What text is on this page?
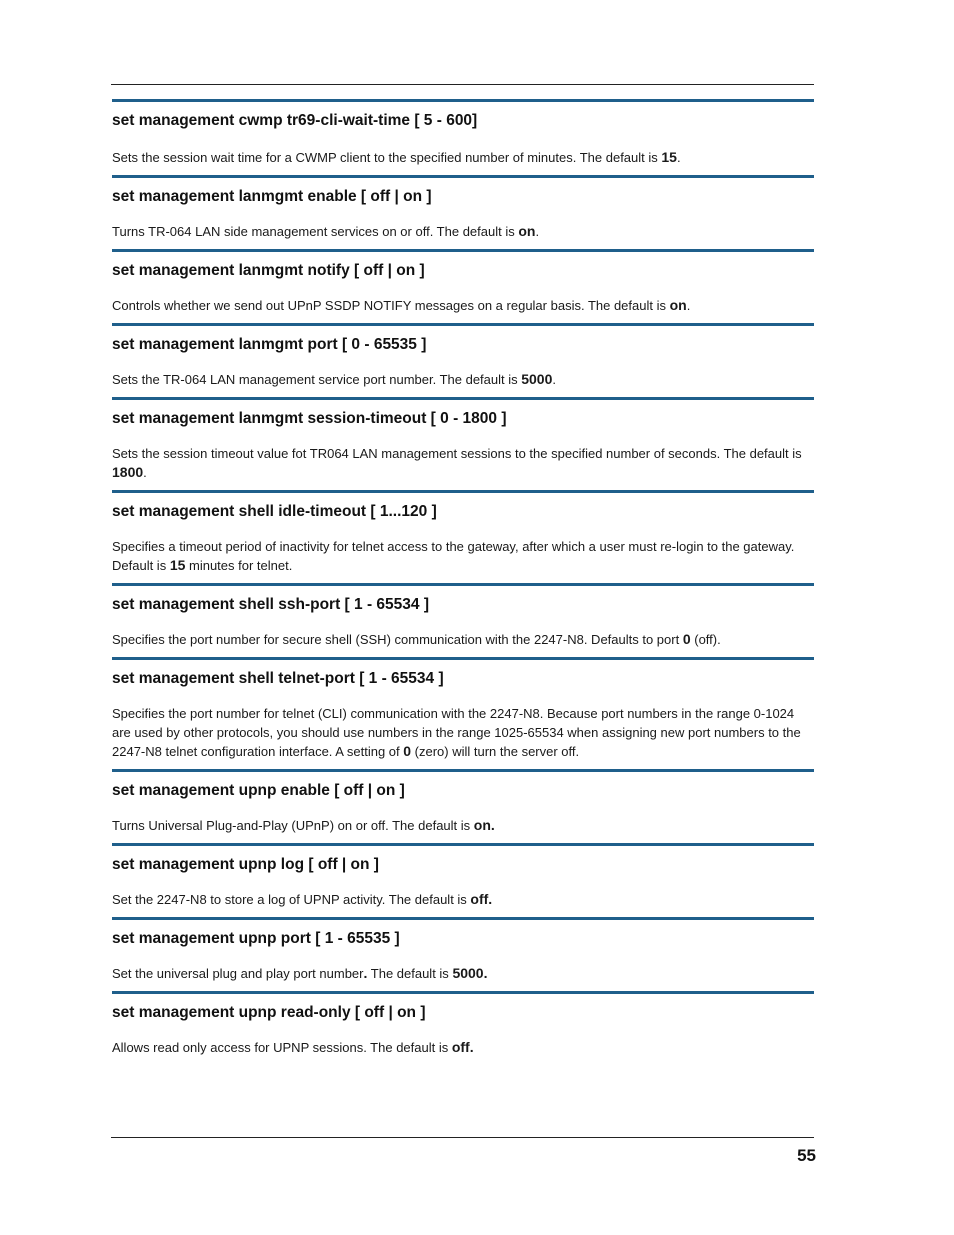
set management cwmp tr69-cli-wait-time [ 5 - 600]
Sets the session wait time for a CWMP client to the specified number of minutes. The default is 15.
set management lanmgmt enable [ off | on ]
Turns TR-064 LAN side management services on or off. The default is on.
set management lanmgmt notify [ off | on ]
Controls whether we send out UPnP SSDP NOTIFY messages on a regular basis. The default is on.
set management lanmgmt port [ 0 - 65535 ]
Sets the TR-064 LAN management service port number. The default is 5000.
set management lanmgmt session-timeout [ 0 - 1800 ]
Sets the session timeout value fot TR064 LAN management sessions to the specified number of seconds. The default is 1800.
set management shell idle-timeout [ 1...120 ]
Specifies a timeout period of inactivity for telnet access to the gateway, after which a user must re-login to the gateway. Default is 15 minutes for telnet.
set management shell ssh-port [ 1 - 65534 ]
Specifies the port number for secure shell (SSH) communication with the 2247-N8. Defaults to port 0 (off).
set management shell telnet-port [ 1 - 65534 ]
Specifies the port number for telnet (CLI) communication with the 2247-N8. Because port numbers in the range 0-1024 are used by other protocols, you should use numbers in the range 1025-65534 when assigning new port numbers to the 2247-N8 telnet configuration interface. A setting of 0 (zero) will turn the server off.
set management upnp enable [ off | on ]
Turns Universal Plug-and-Play (UPnP) on or off. The default is on.
set management upnp log [ off | on ]
Set the 2247-N8 to store a log of UPNP activity. The default is off.
set management upnp port [ 1 - 65535 ]
Set the universal plug and play port number. The default is 5000.
set management upnp read-only [ off | on ]
Allows read only access for UPNP sessions. The default is off.
55
